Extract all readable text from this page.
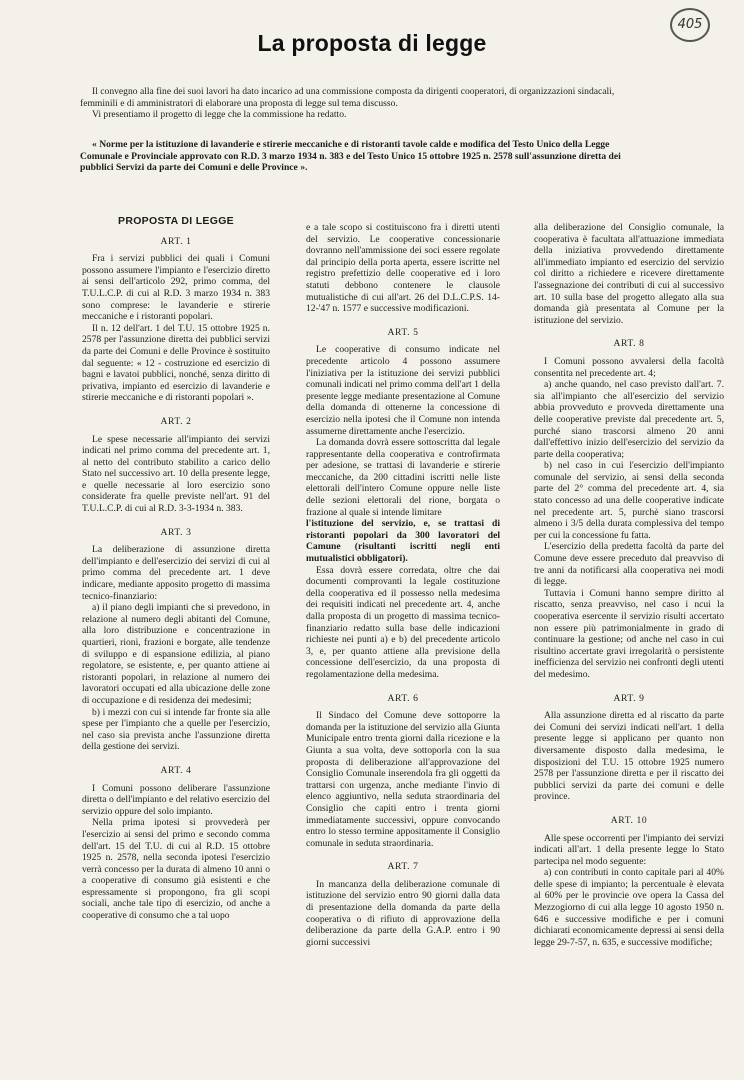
405
La proposta di legge

Il convegno alla fine dei suoi lavori ha dato incarico ad una commissione composta da dirigenti cooperatori, di organizzazioni sindacali, femminili e di amministratori di elaborare una proposta di legge sul tema discusso.

Vi presentiamo il progetto di legge che la commissione ha redatto.

« Norme per la istituzione di lavanderie e stirerie meccaniche e di ristoranti tavole calde e modifica del Testo Unico della Legge Comunale e Provinciale approvato con R.D. 3 marzo 1934 n. 383 e del Testo Unico 15 ottobre 1925 n. 2578 sull'assunzione diretta dei pubblici Servizi da parte dei Comuni e delle Province ».

PROPOSTA DI LEGGE
ART. 1

Fra i servizi pubblici dei quali i Comuni possono assumere l'impianto e l'esercizio diretto ai sensi dell'articolo 292, primo comma, del T.U.L.C.P. di cui al R.D. 3 marzo 1934 n. 383 sono comprese: le lavanderie e stirerie meccaniche e i ristoranti popolari.

Il n. 12 dell'art. 1 del T.U. 15 ottobre 1925 n. 2578 per l'assunzione diretta dei pubblici servizi da parte dei Comuni e delle Province è sostituito dal seguente: « 12 - costruzione ed esercizio di bagni e lavatoi pubblici, nonché, senza diritto di privativa, impianto ed esercizio di lavanderie e stirerie meccaniche e di ristoranti popolari ».

ART. 2

Le spese necessarie all'impianto dei servizi indicati nel primo comma del precedente art. 1, al netto del contributo stabilito a carico dello Stato nel successivo art. 10 della presente legge, e quelle necessarie al loro esercizio sono considerate fra quelle previste nell'art. 91 del T.U.L.C.P. di cui al R.D. 3-3-1934 n. 383.

ART. 3

La deliberazione di assunzione diretta dell'impianto e dell'esercizio dei servizi di cui al primo comma del precedente art. 1 deve indicare, mediante apposito progetto di massima tecnico-finanziario:

a) il piano degli impianti che si prevedono, in relazione al numero degli abitanti del Comune, alla loro distribuzione e concentrazione in quartieri, rioni, frazioni e borgate, alle tendenze di sviluppo e di espansione edilizia, al piano regolatore, se esistente, e, per quanto attiene ai ristoranti popolari, in relazione al numero dei lavoratori occupati ed alla ubicazione delle zone di occupazione e di residenza dei medesimi;

b) i mezzi con cui si intende far fronte sia alle spese per l'impianto che a quelle per l'esercizio, nel caso sia prevista anche l'assunzione diretta della gestione dei servizi.

ART. 4

I Comuni possono deliberare l'assunzione diretta o dell'impianto e del relativo esercizio del servizio oppure del solo impianto.

Nella prima ipotesi si provvederà per l'esercizio ai sensi del primo e secondo comma dell'art. 15 del T.U. di cui al R.D. 15 ottobre 1925 n. 2578, nella seconda ipotesi l'esercizio verrà concesso per la durata di almeno 10 anni o a cooperative di consumo già esistenti e che espressamente si propongono, fra gli scopi sociali, anche tale tipo di esercizio, od anche a cooperative di consumo che a tal uopo

e a tale scopo si costituiscono fra i diretti utenti del servizio. Le cooperative concessionarie dovranno nell'ammissione dei soci essere regolate dal principio della porta aperta, essere iscritte nel registro prefettizio delle cooperative ed i loro statuti debbono contenere le clausole mutualistiche di cui all'art. 26 del D.L.C.P.S. 14-12-'47 n. 1577 e successive modificazioni.

ART. 5

Le cooperative di consumo indicate nel precedente articolo 4 possono assumere l'iniziativa per la istituzione dei servizi pubblici comunali indicati nel primo comma dell'art 1 della presente legge mediante presentazione al Comune della domanda di ottenerne la concessione di esercizio nella ipotesi che il Comune non intenda assumerne direttamente anche l'esercizio.

La domanda dovrà essere sottoscritta dal legale rappresentante della cooperativa e controfirmata per adesione, se trattasi di lavanderie e stirerie meccaniche, da 200 cittadini iscritti nelle liste elettorali dell'intero Comune oppure nelle liste delle sezioni elettorali del rione, borgata o frazione al quale si intende limitare

l'istituzione del servizio, e, se trattasi di ristoranti popolari da 300 lavoratori del Camune (risultanti iscritti negli enti mutualistici obbligatori).

Essa dovrà essere corredata, oltre che dai documenti comprovanti la legale costituzione della cooperativa ed il possesso nella medesima dei requisiti indicati nel precedente art. 4, anche dalla proposta di un progetto di massima tecnico-finanziario redatto sulla base delle indicazioni richieste nei punti a) e b) del precedente articolo 3, e, per quanto attiene alla previsione della concessione dell'esercizio, da una proposta di regolamentazione della medesima.

ART. 6

Il Sindaco del Comune deve sottoporre la domanda per la istituzione del servizio alla Giunta Municipale entro trenta giorni dalla ricezione e la Giunta a sua volta, deve sottoporla con la sua proposta di deliberazione all'approvazione del Consiglio Comunale inserendola fra gli oggetti da trattarsi con urgenza, anche mediante l'invio di elenco aggiuntivo, nella seduta straordinaria del Consiglio che capiti entro i trenta giorni immediatamente successivi, oppure convocando entro lo stesso termine appositamente il Consiglio comunale in seduta straordinaria.

ART. 7

In mancanza della deliberazione comunale di istituzione del servizio entro 90 giorni dalla data di presentazione della domanda da parte della cooperativa o di rifiuto di approvazione della deliberazione da parte della G.A.P. entro i 90 giorni successivi

alla deliberazione del Consiglio comunale, la cooperativa è facultata all'attuazione immediata della iniziativa provvedendo direttamente all'immediato impianto ed esercizio del servizio col diritto a richiedere e ricevere direttamente l'assegnazione dei contributi di cui al successivo art. 10 sulla base del progetto allegato alla sua domanda già presentata al Comune per la istituzione del servizio.

ART. 8

I Comuni possono avvalersi della facoltà consentita nel precedente art. 4;

a) anche quando, nel caso previsto dall'art. 7. sia all'impianto che all'esercizio del servizio abbia provveduto e provveda direttamente una delle cooperative previste dal precedente art. 5, purché siano trascorsi almeno 20 anni dall'effettivo inizio dell'esercizio del servizio da parte della cooperativa;

b) nel caso in cui l'esercizio dell'impianto comunale del servizio, ai sensi della seconda parte del 2° comma del precedente art. 4, sia stato concesso ad una delle cooperative indicate nel precedente art. 5, purchè siano trascorsi almeno i 3/5 della durata complessiva del tempo per cui la concessione fu fatta.

L'esercizio della predetta facoltà da parte del Comune deve essere preceduto dal preavviso di tre anni da notificarsi alla cooperativa nei modi di legge.

Tuttavia i Comuni hanno sempre diritto al riscatto, senza preavviso, nel caso i ncui la cooperativa esercente il servizio risulti accertato non essere più patrimonialmente in grado di continuare la gestione; od anche nel caso in cui risultino accertate gravi irregolarità o persistente inefficienza del servizio nei confronti degli utenti del medesimo.

ART. 9

Alla assunzione diretta ed al riscatto da parte dei Comuni dei servizi indicati nell'art. 1 della presente legge si applicano per quanto non diversamente disposto dalla medesima, le disposizioni del T.U. 15 ottobre 1925 numero 2578 per l'assunzione diretta e per il riscatto dei pubblici servizi da parte dei comuni e delle province.

ART. 10

Alle spese occorrenti per l'impianto dei servizi indicati all'art. 1 della presente legge lo Stato partecipa nel modo seguente:

a) con contributi in conto capitale pari al 40% delle spese di impianto; la percentuale è elevata al 60% per le provincie ove opera la Cassa del Mezzogiorno di cui alla legge 10 agosto 1950 n. 646 e successive modifiche e per i comuni dichiarati economicamente depressi ai sensi della legge 29-7-57, n. 635, e successive modifiche;
